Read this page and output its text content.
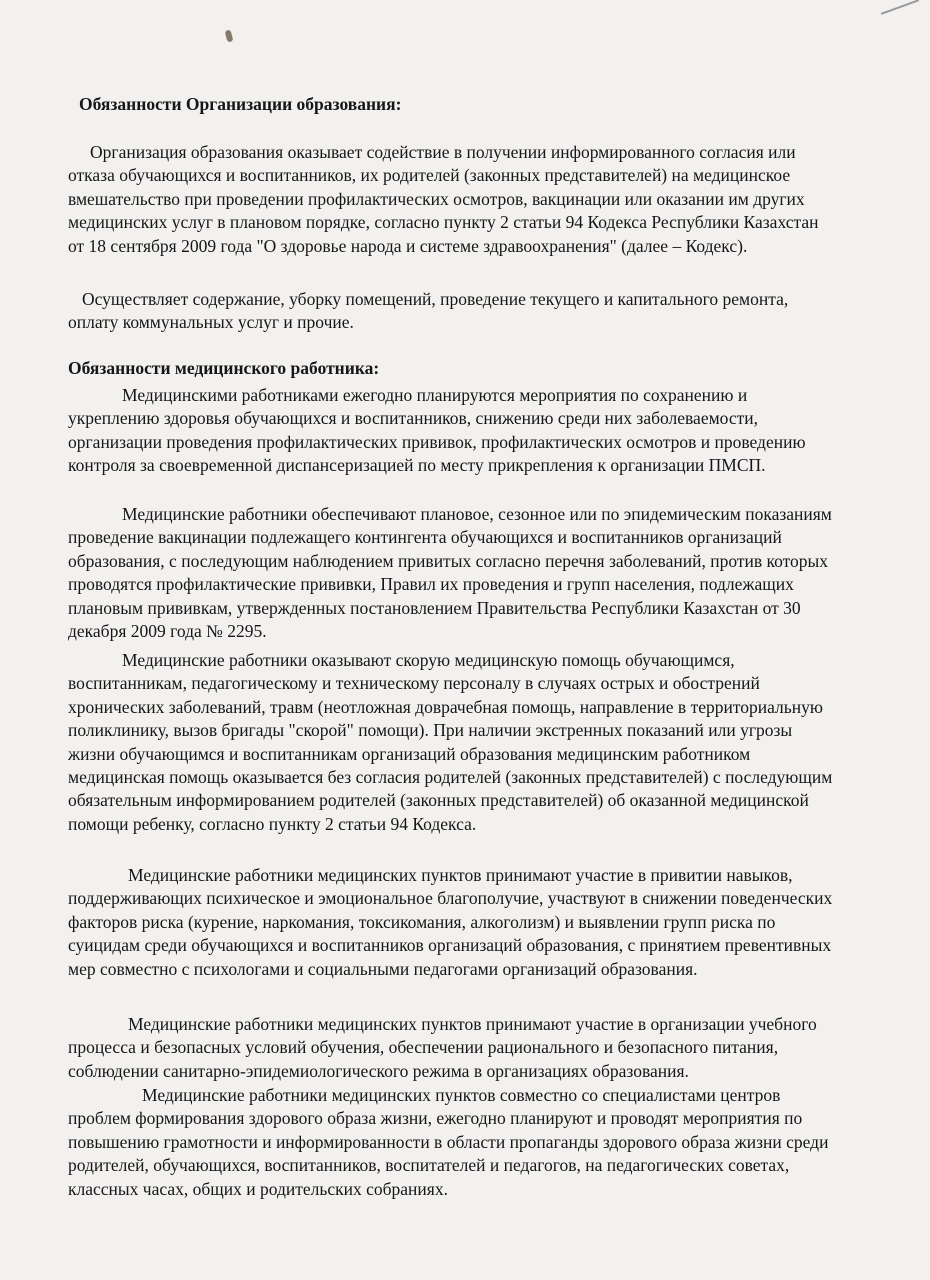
Обязанности Организации образования:

Организация образования оказывает содействие в получении информированного согласия или отказа обучающихся и воспитанников, их родителей (законных представителей) на медицинское вмешательство при проведении профилактических осмотров, вакцинации или оказании им других медицинских услуг в плановом порядке, согласно пункту 2 статьи 94 Кодекса Республики Казахстан от 18 сентября 2009 года "О здоровье народа и системе здравоохранения" (далее – Кодекс).

Осуществляет содержание, уборку помещений, проведение текущего и капитального ремонта, оплату коммунальных услуг и прочие.

Обязанности медицинского работника:

Медицинскими работниками ежегодно планируются мероприятия по сохранению и укреплению здоровья обучающихся и воспитанников, снижению среди них заболеваемости, организации проведения профилактических прививок, профилактических осмотров и проведению контроля за своевременной диспансеризацией по месту прикрепления к организации ПМСП.

Медицинские работники обеспечивают плановое, сезонное или по эпидемическим показаниям проведение вакцинации подлежащего контингента обучающихся и воспитанников организаций образования, с последующим наблюдением привитых согласно перечня заболеваний, против которых проводятся профилактические прививки, Правил их проведения и групп населения, подлежащих плановым прививкам, утвержденных постановлением Правительства Республики Казахстан от 30 декабря 2009 года № 2295.

Медицинские работники оказывают скорую медицинскую помощь обучающимся, воспитанникам, педагогическому и техническому персоналу в случаях острых и обострений хронических заболеваний, травм (неотложная доврачебная помощь, направление в территориальную поликлинику, вызов бригады "скорой" помощи). При наличии экстренных показаний или угрозы жизни обучающимся и воспитанникам организаций образования медицинским работником медицинская помощь оказывается без согласия родителей (законных представителей) с последующим обязательным информированием родителей (законных представителей) об оказанной медицинской помощи ребенку, согласно пункту 2 статьи 94 Кодекса.

Медицинские работники медицинских пунктов принимают участие в привитии навыков, поддерживающих психическое и эмоциональное благополучие, участвуют в снижении поведенческих факторов риска (курение, наркомания, токсикомания, алкоголизм) и выявлении групп риска по суицидам среди обучающихся и воспитанников организаций образования, с принятием превентивных мер совместно с психологами и социальными педагогами организаций образования.

Медицинские работники медицинских пунктов принимают участие в организации учебного процесса и безопасных условий обучения, обеспечении рационального и безопасного питания, соблюдении санитарно-эпидемиологического режима в организациях образования.

Медицинские работники медицинских пунктов совместно со специалистами центров проблем формирования здорового образа жизни, ежегодно планируют и проводят мероприятия по повышению грамотности и информированности в области пропаганды здорового образа жизни среди родителей, обучающихся, воспитанников, воспитателей и педагогов, на педагогических советах, классных часах, общих и родительских собраниях.
